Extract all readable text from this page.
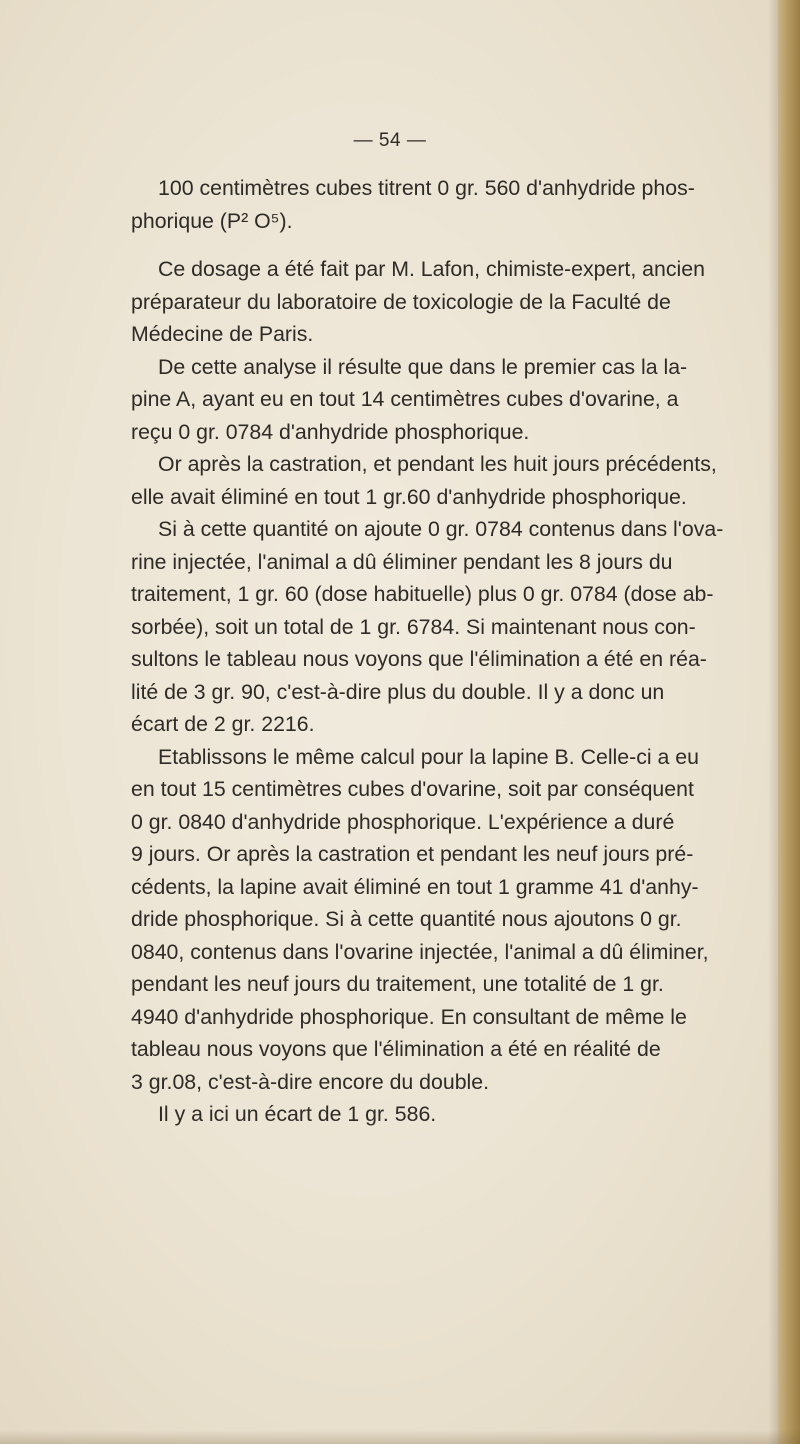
— 54 —
100 centimètres cubes titrent 0 gr. 560 d'anhydride phos-
phorique (P² O⁵).
Ce dosage a été fait par M. Lafon, chimiste-expert, ancien
préparateur du laboratoire de toxicologie de la Faculté de
Médecine de Paris.
De cette analyse il résulte que dans le premier cas la la-
pine A, ayant eu en tout 14 centimètres cubes d'ovarine, a
reçu 0 gr. 0784 d'anhydride phosphorique.
Or après la castration, et pendant les huit jours précédents,
elle avait éliminé en tout 1 gr.60 d'anhydride phosphorique.
Si à cette quantité on ajoute 0 gr. 0784 contenus dans l'ova-
rine injectée, l'animal a dû éliminer pendant les 8 jours du
traitement, 1 gr. 60 (dose habituelle) plus 0 gr. 0784 (dose ab-
sorbée), soit un total de 1 gr. 6784. Si maintenant nous con-
sultons le tableau nous voyons que l'élimination a été en réa-
lité de 3 gr. 90, c'est-à-dire plus du double. Il y a donc un
écart de 2 gr. 2216.
Etablissons le même calcul pour la lapine B. Celle-ci a eu
en tout 15 centimètres cubes d'ovarine, soit par conséquent
0 gr. 0840 d'anhydride phosphorique. L'expérience a duré
9 jours. Or après la castration et pendant les neuf jours pré-
cédents, la lapine avait éliminé en tout 1 gramme 41 d'anhy-
dride phosphorique. Si à cette quantité nous ajoutons 0 gr.
0840, contenus dans l'ovarine injectée, l'animal a dû éliminer,
pendant les neuf jours du traitement, une totalité de 1 gr.
4940 d'anhydride phosphorique. En consultant de même le
tableau nous voyons que l'élimination a été en réalité de
3 gr.08, c'est-à-dire encore du double.
Il y a ici un écart de 1 gr. 586.
